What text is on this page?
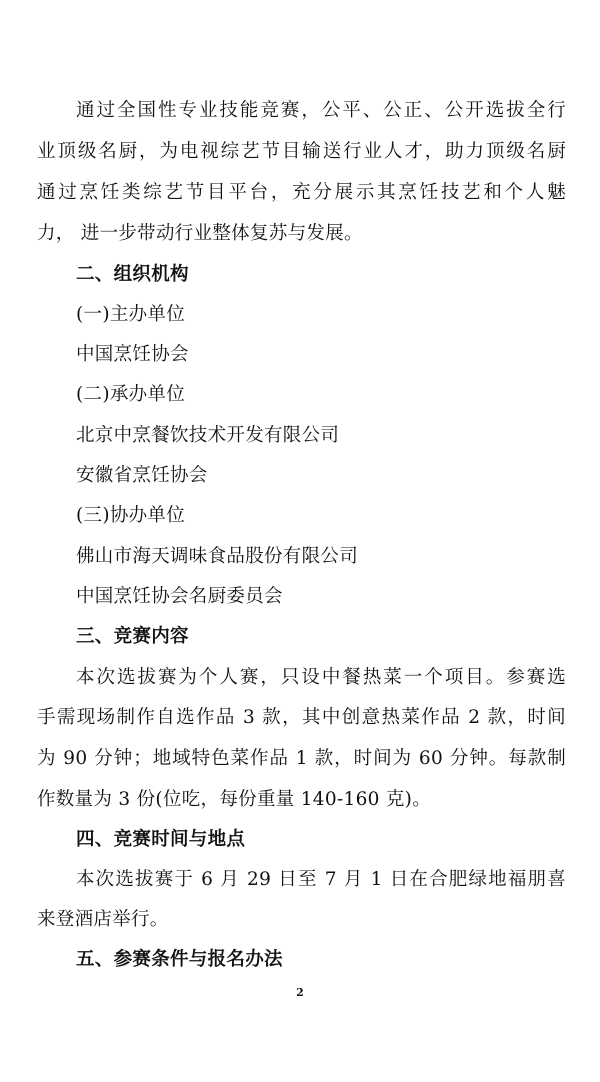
通过全国性专业技能竞赛，公平、公正、公开选拔全行
业顶级名厨，为电视综艺节目输送行业人才，助力顶级名厨
通过烹饪类综艺节目平台，充分展示其烹饪技艺和个人魅
力， 进一步带动行业整体复苏与发展。
二、组织机构
(一)主办单位
中国烹饪协会
(二)承办单位
北京中烹餐饮技术开发有限公司
安徽省烹饪协会
(三)协办单位
佛山市海天调味食品股份有限公司
中国烹饪协会名厨委员会
三、竞赛内容
本次选拔赛为个人赛，只设中餐热菜一个项目。参赛选
手需现场制作自选作品 3 款，其中创意热菜作品 2 款，时间
为 90 分钟；地域特色菜作品 1 款，时间为 60 分钟。每款制
作数量为 3 份(位吃，每份重量 140-160 克)。
四、竞赛时间与地点
本次选拔赛于 6 月 29 日至 7 月 1 日在合肥绿地福朋喜
来登酒店举行。
五、参赛条件与报名办法
2
